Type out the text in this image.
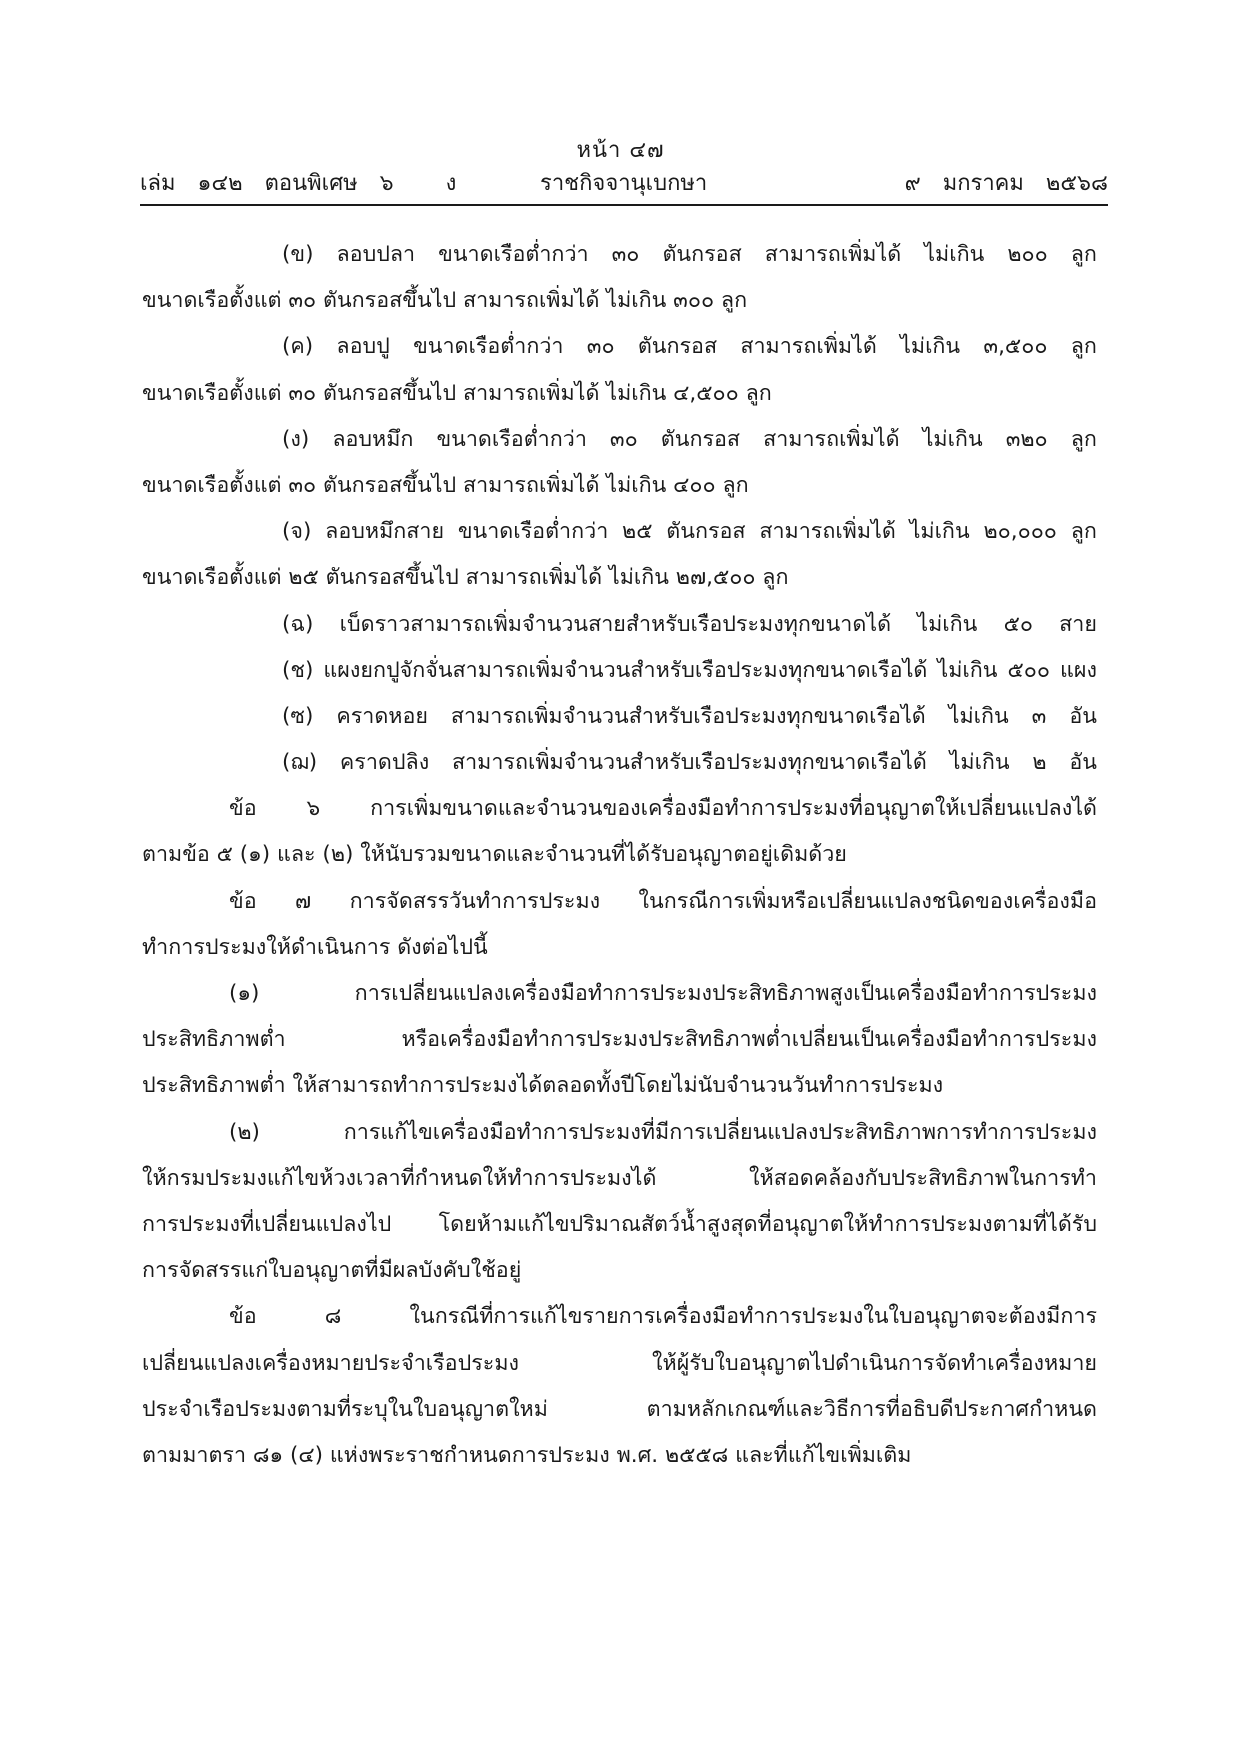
หน้า ๔๗
เล่ม ๑๔๒ ตอนพิเศษ ๖ ง	ราชกิจจานุเบกษา	๙ มกราคม ๒๕๖๘
(ข) ลอบปลา ขนาดเรือต่ำกว่า ๓๐ ตันกรอส สามารถเพิ่มได้ ไม่เกิน ๒๐๐ ลูก
ขนาดเรือตั้งแต่ ๓๐ ตันกรอสขึ้นไป สามารถเพิ่มได้ ไม่เกิน ๓๐๐ ลูก
(ค) ลอบปู ขนาดเรือต่ำกว่า ๓๐ ตันกรอส สามารถเพิ่มได้ ไม่เกิน ๓,๕๐๐ ลูก
ขนาดเรือตั้งแต่ ๓๐ ตันกรอสขึ้นไป สามารถเพิ่มได้ ไม่เกิน ๔,๕๐๐ ลูก
(ง) ลอบหมึก ขนาดเรือต่ำกว่า ๓๐ ตันกรอส สามารถเพิ่มได้ ไม่เกิน ๓๒๐ ลูก
ขนาดเรือตั้งแต่ ๓๐ ตันกรอสขึ้นไป สามารถเพิ่มได้ ไม่เกิน ๔๐๐ ลูก
(จ) ลอบหมึกสาย ขนาดเรือต่ำกว่า ๒๕ ตันกรอส สามารถเพิ่มได้ ไม่เกิน ๒๐,๐๐๐ ลูก
ขนาดเรือตั้งแต่ ๒๕ ตันกรอสขึ้นไป สามารถเพิ่มได้ ไม่เกิน ๒๗,๕๐๐ ลูก
(ฉ) เบ็ดราวสามารถเพิ่มจำนวนสายสำหรับเรือประมงทุกขนาดได้ ไม่เกิน ๕๐ สาย
(ช) แผงยกปูจักจั่นสามารถเพิ่มจำนวนสำหรับเรือประมงทุกขนาดเรือได้ ไม่เกิน ๕๐๐ แผง
(ซ) คราดหอย สามารถเพิ่มจำนวนสำหรับเรือประมงทุกขนาดเรือได้ ไม่เกิน ๓ อัน
(ฌ) คราดปลิง สามารถเพิ่มจำนวนสำหรับเรือประมงทุกขนาดเรือได้ ไม่เกิน ๒ อัน
ข้อ ๖ การเพิ่มขนาดและจำนวนของเครื่องมือทำการประมงที่อนุญาตให้เปลี่ยนแปลงได้
ตามข้อ ๕ (๑) และ (๒) ให้นับรวมขนาดและจำนวนที่ได้รับอนุญาตอยู่เดิมด้วย
ข้อ ๗ การจัดสรรวันทำการประมง ในกรณีการเพิ่มหรือเปลี่ยนแปลงชนิดของเครื่องมือ
ทำการประมงให้ดำเนินการ ดังต่อไปนี้
(๑)	การเปลี่ยนแปลงเครื่องมือทำการประมงประสิทธิภาพสูงเป็นเครื่องมือทำการประมง
ประสิทธิภาพต่ำ	หรือเครื่องมือทำการประมงประสิทธิภาพต่ำเปลี่ยนเป็นเครื่องมือทำการประมง
ประสิทธิภาพต่ำ ให้สามารถทำการประมงได้ตลอดทั้งปีโดยไม่นับจำนวนวันทำการประมง
(๒)	การแก้ไขเครื่องมือทำการประมงที่มีการเปลี่ยนแปลงประสิทธิภาพการทำการประมง
ให้กรมประมงแก้ไขห้วงเวลาที่กำหนดให้ทำการประมงได้	ให้สอดคล้องกับประสิทธิภาพในการทำ
การประมงที่เปลี่ยนแปลงไป โดยห้ามแก้ไขปริมาณสัตว์น้ำสูงสุดที่อนุญาตให้ทำการประมงตามที่ได้รับ
การจัดสรรแก่ใบอนุญาตที่มีผลบังคับใช้อยู่
ข้อ	๘	ในกรณีที่การแก้ไขรายการเครื่องมือทำการประมงในใบอนุญาตจะต้องมีการ
เปลี่ยนแปลงเครื่องหมายประจำเรือประมง	ให้ผู้รับใบอนุญาตไปดำเนินการจัดทำเครื่องหมาย
ประจำเรือประมงตามที่ระบุในใบอนุญาตใหม่	ตามหลักเกณฑ์และวิธีการที่อธิบดีประกาศกำหนด
ตามมาตรา ๘๑ (๔) แห่งพระราชกำหนดการประมง พ.ศ. ๒๕๕๘ และที่แก้ไขเพิ่มเติม
